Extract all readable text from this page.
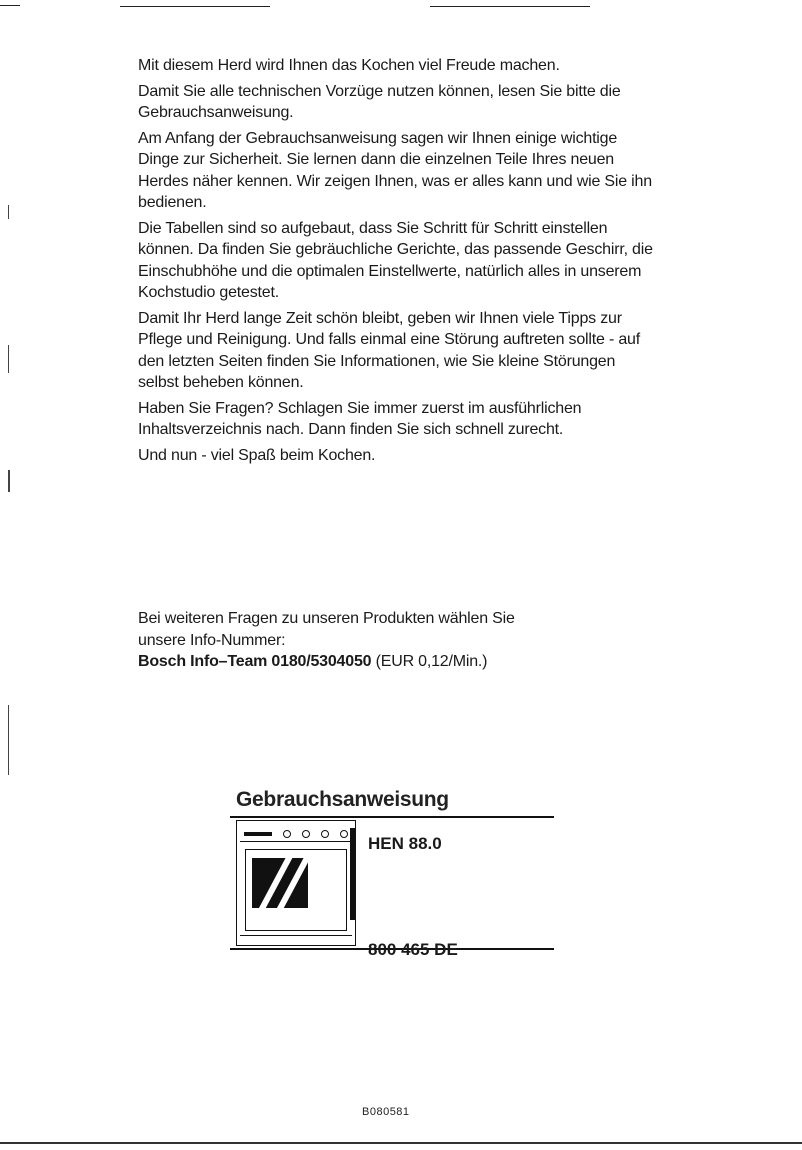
Mit diesem Herd wird Ihnen das Kochen viel Freude machen.

Damit Sie alle technischen Vorzüge nutzen können, lesen Sie bitte die Gebrauchsanweisung.

Am Anfang der Gebrauchsanweisung sagen wir Ihnen einige wichtige Dinge zur Sicherheit. Sie lernen dann die einzelnen Teile Ihres neuen Herdes näher kennen. Wir zeigen Ihnen, was er alles kann und wie Sie ihn bedienen.

Die Tabellen sind so aufgebaut, dass Sie Schritt für Schritt einstellen können. Da finden Sie gebräuchliche Gerichte, das passende Geschirr, die Einschubhöhe und die optimalen Einstellwerte, natürlich alles in unserem Kochstudio getestet.

Damit Ihr Herd lange Zeit schön bleibt, geben wir Ihnen viele Tipps zur Pflege und Reinigung. Und falls einmal eine Störung auftreten sollte - auf den letzten Seiten finden Sie Informationen, wie Sie kleine Störungen selbst beheben können.

Haben Sie Fragen? Schlagen Sie immer zuerst im ausführlichen Inhaltsverzeichnis nach. Dann finden Sie sich schnell zurecht.

Und nun - viel Spaß beim Kochen.

Bei weiteren Fragen zu unseren Produkten wählen Sie

unsere Info-Nummer:

Bosch Info–Team 0180/5304050 (EUR 0,12/Min.)

Gebrauchsanweisung
HEN 88.0
800 465 DE
B080581
